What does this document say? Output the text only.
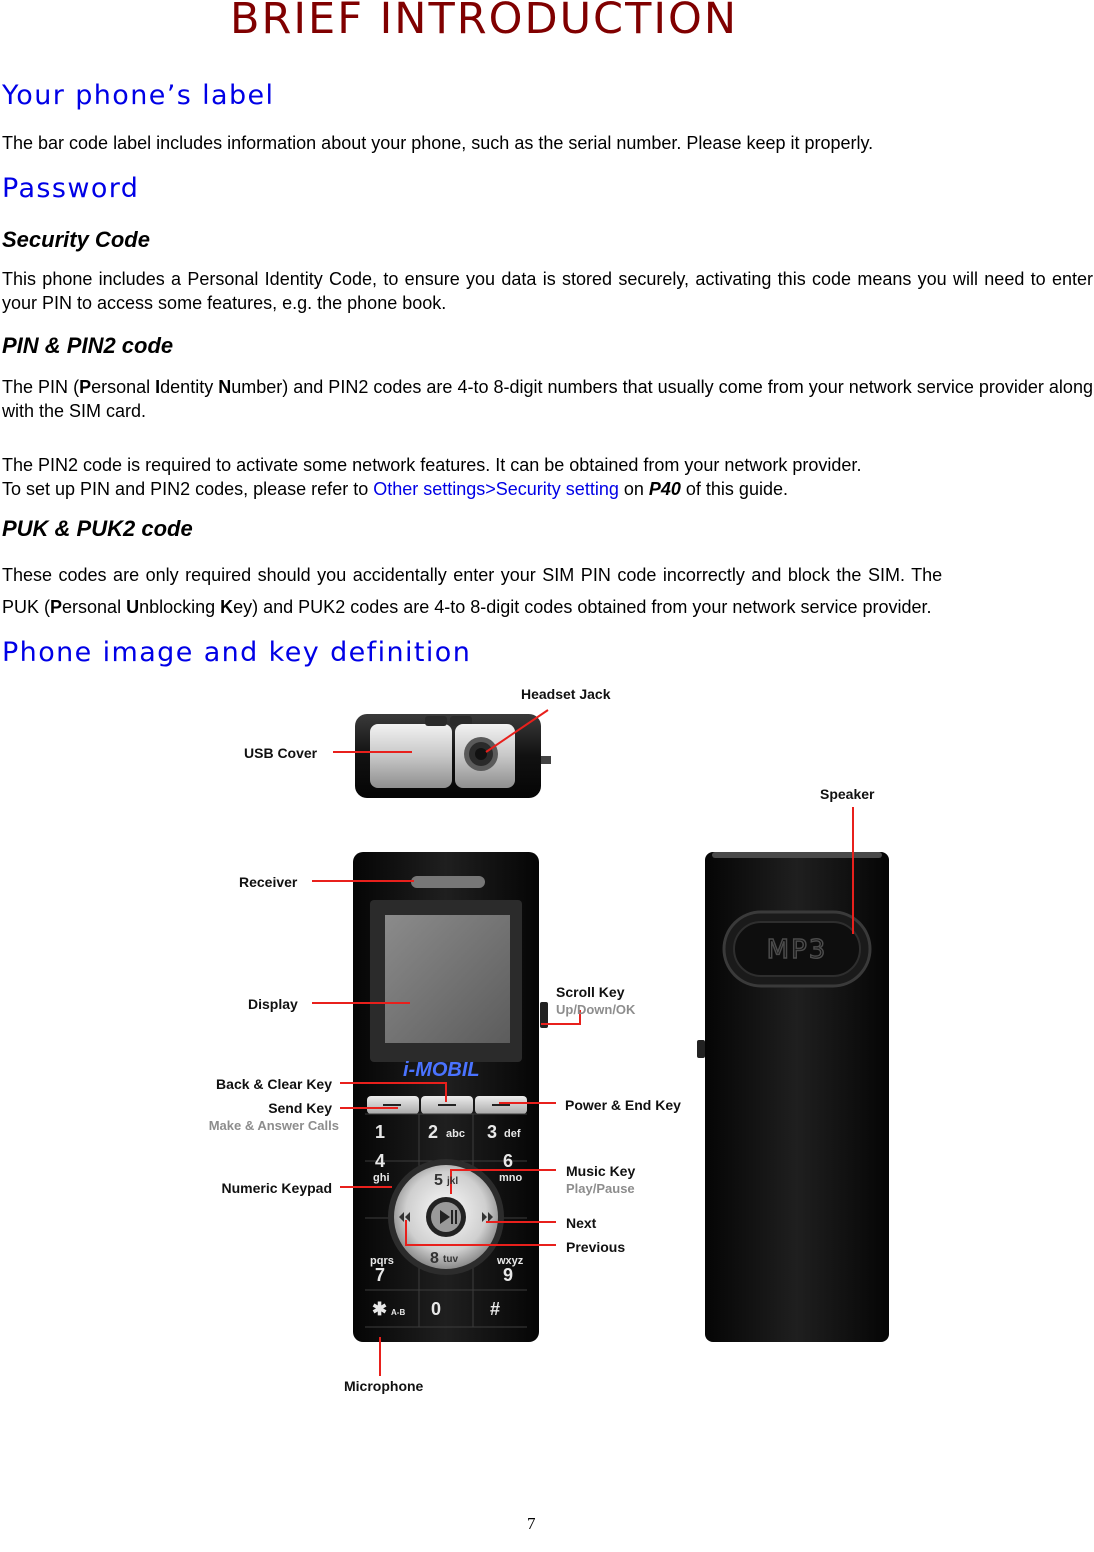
BRIEF INTRODUCTION
Your phone’s label

The bar code label includes information about your phone, such as the serial number. Please keep it properly.

Password
Security Code

This phone includes a Personal Identity Code, to ensure you data is stored securely, activating this code means you will need to enter your PIN to access some features, e.g. the phone book.

PIN & PIN2 code

The PIN (Personal Identity Number) and PIN2 codes are 4-to 8-digit numbers that usually come from your network service provider along with the SIM card.

The PIN2 code is required to activate some network features. It can be obtained from your network provider.

To set up PIN and PIN2 codes, please refer to Other settings>Security setting on P40 of this guide.

PUK & PUK2 code

These codes are only required should you accidentally enter your SIM PIN code incorrectly and block the SIM. The

PUK (Personal Unblocking Key) and PUK2 codes are 4-to 8-digit codes obtained from your network service provider.

Phone image and key definition
i-MOBIL
MP3
1 2 abc 3 def
4
ghi
6
mno
pqrs
7
wxyz
9
✱ A-B 0	#
5 jkl
8 tuv

Headset Jack

USB Cover

Speaker

Receiver

Display

Scroll Key

Up/Down/OK

Back & Clear Key

Send Key

Make & Answer Calls

Power & End Key

Numeric Keypad

Music Key

Play/Pause

Next

Previous

Microphone

7
